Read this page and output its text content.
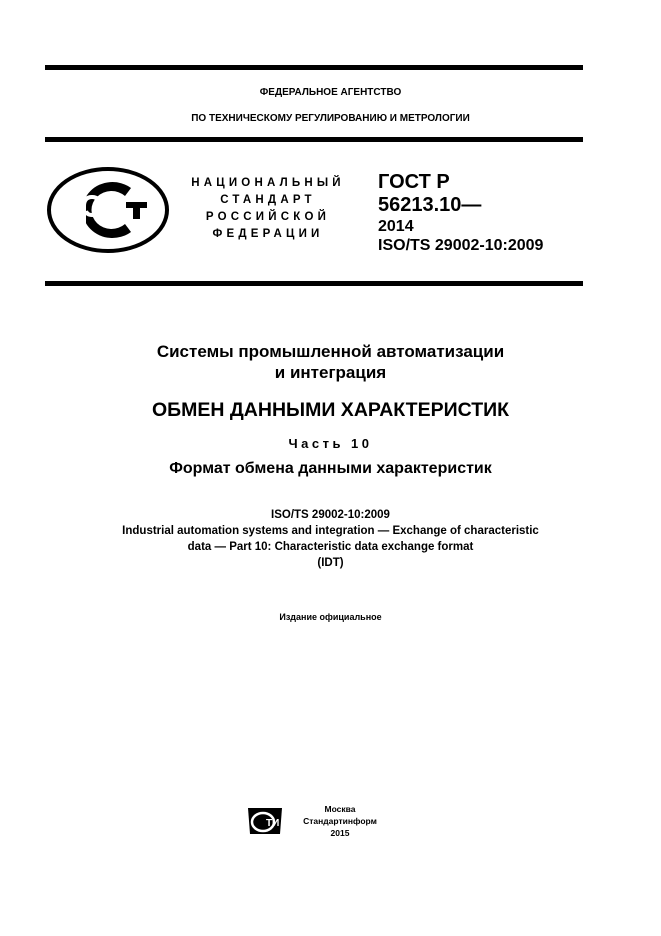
ФЕДЕРАЛЬНОЕ АГЕНТСТВО
ПО ТЕХНИЧЕСКОМУ РЕГУЛИРОВАНИЮ И МЕТРОЛОГИИ
НАЦИОНАЛЬНЫЙ
СТАНДАРТ
РОССИЙСКОЙ
ФЕДЕРАЦИИ
ГОСТ Р
56213.10—
2014
ISO/TS 29002-10:2009
Системы промышленной автоматизации
и интеграция
ОБМЕН ДАННЫМИ ХАРАКТЕРИСТИК
Часть 10
Формат обмена данными характеристик
ISO/TS 29002-10:2009
Industrial automation systems and integration — Exchange of characteristic
data — Part 10: Characteristic data exchange format
(IDT)
Издание официальное
ТИ
Москва
Стандартинформ
2015
